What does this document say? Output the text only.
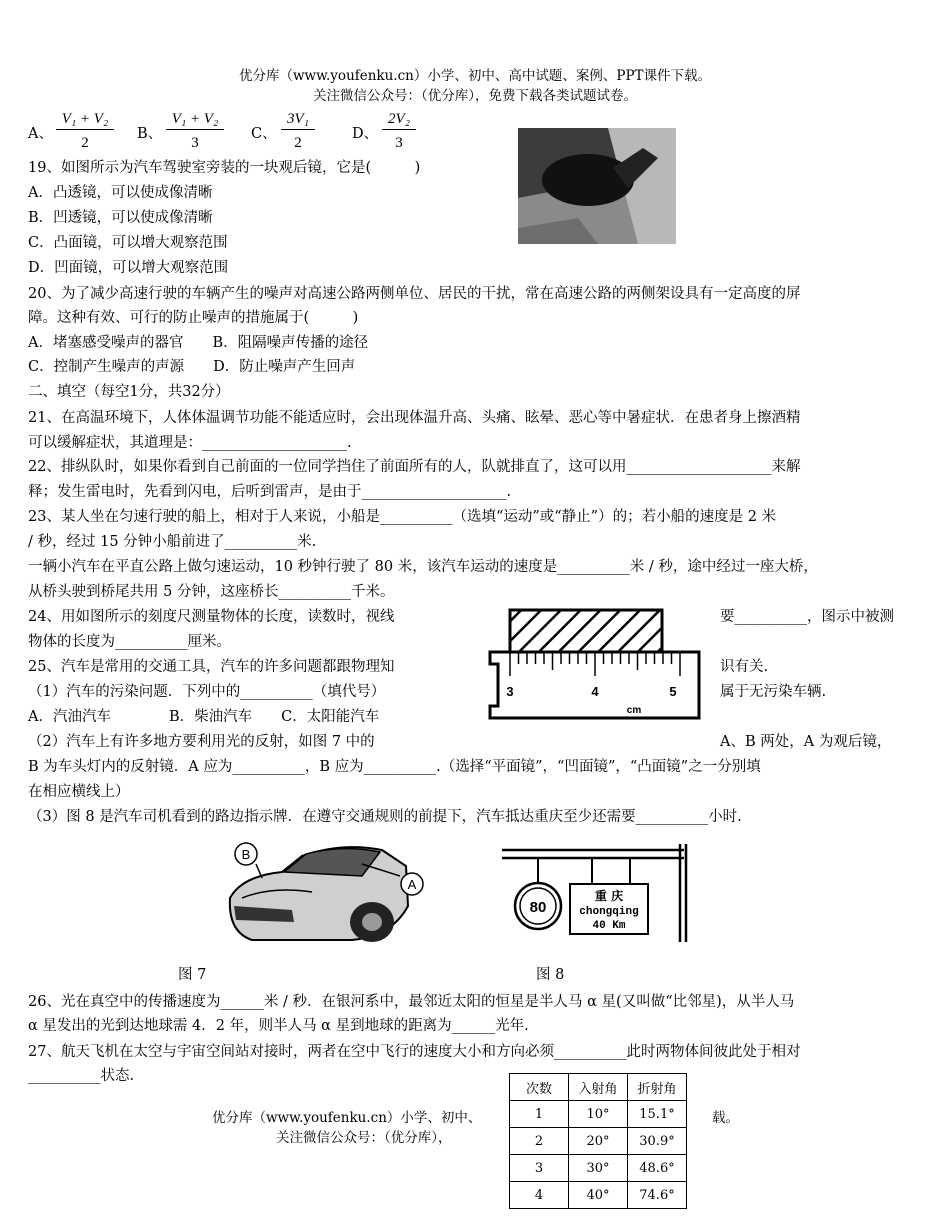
优分库（www.youfenku.cn）小学、初中、高中试题、案例、PPT课件下载。
关注微信公众号：（优分库），免费下载各类试题试卷。
A、
$\frac{\text{V₁ + V₂}}{2}$
B、
$\frac{\text{V₁ + V₂}}{3}$
C、
$\frac{\text{3V₁}}{2}$
D、
$\frac{\text{2V₂}}{3}$
19、如图所示为汽车驾驶室旁装的一块观后镜，它是(　　　)
A．凸透镜，可以使成像清晰
B．凹透镜，可以使成像清晰
C．凸面镜，可以增大观察范围
D．凹面镜，可以增大观察范围
20、为了减少高速行驶的车辆产生的噪声对高速公路两侧单位、居民的干扰，常在高速公路的两侧架设具有一定高度的屏
障。这种有效、可行的防止噪声的措施属于(　　　)
A．堵塞感受噪声的器官　　B．阻隔噪声传播的途径
C．控制产生噪声的声源　　D．防止噪声产生回声
二、填空（每空1分，共32分）
21、在高温环境下，人体体温调节功能不能适应时，会出现体温升高、头痛、眩晕、恶心等中暑症状．在患者身上擦酒精
可以缓解症状，其道理是：____________________.
22、排纵队时，如果你看到自己前面的一位同学挡住了前面所有的人，队就排直了，这可以用____________________来解
释；发生雷电时，先看到闪电，后听到雷声，是由于____________________.
23、某人坐在匀速行驶的船上，相对于人来说，小船是__________（选填“运动”或“静止”）的；若小船的速度是 2 米
/ 秒，经过 15 分钟小船前进了__________米.
一辆小汽车在平直公路上做匀速运动，10 秒钟行驶了 80 米，该汽车运动的速度是__________米 / 秒，途中经过一座大桥，
从桥头驶到桥尾共用 5 分钟，这座桥长__________千米。
3	4	5
cm
24、用如图所示的刻度尺测量物体的长度，读数时，视线	要__________，图示中被测
物体的长度为__________厘米。
25、汽车是常用的交通工具，汽车的许多问题都跟物理知	识有关.
（1）汽车的污染问题．下列中的__________（填代号）	属于无污染车辆.
A．汽油汽车　　　　B．柴油汽车　　C．太阳能汽车
（2）汽车上有许多地方要利用光的反射，如图 7 中的	A、B 两处，A 为观后镜，
B 为车头灯内的反射镜．A 应为__________，B 应为__________.（选择“平面镜”，“凹面镜”，“凸面镜”之一分别填
在相应横线上）
（3）图 8 是汽车司机看到的路边指示牌．在遵守交通规则的前提下，汽车抵达重庆至少还需要__________小时.
B
A
80
重 庆
chongqing
40 Km
图 7	图 8
26、光在真空中的传播速度为______米 / 秒．在银河系中，最邻近太阳的恒星是半人马 α 星(又叫做“比邻星)，从半人马
α 星发出的光到达地球需 4．2 年，则半人马 α 星到地球的距离为______光年.
27、航天飞机在太空与宇宙空间站对接时，两者在空中飞行的速度大小和方向必须__________此时两物体间彼此处于相对
__________状态.
优分库（www.youfenku.cn）小学、初中、	载。
关注微信公众号：（优分库），
次数	入射角	折射角
1	10°	15.1°
2	20°	30.9°
3	30°	48.6°
4	40°	74.6°
